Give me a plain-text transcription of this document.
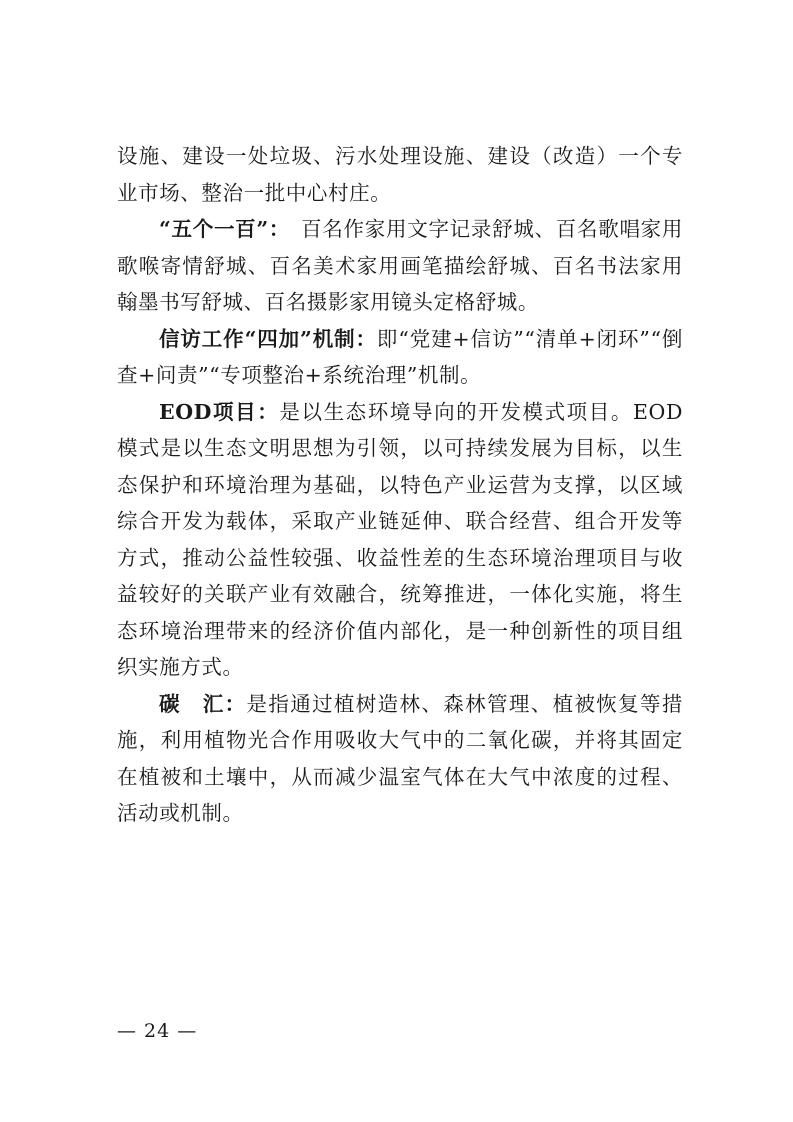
设施、建设一处垃圾、污水处理设施、建设（改造）一个专业市场、整治一批中心村庄。

“五个一百”：　百名作家用文字记录舒城、百名歌唱家用歌喉寄情舒城、百名美术家用画笔描绘舒城、百名书法家用翰墨书写舒城、百名摄影家用镜头定格舒城。

信访工作“四加”机制：即“党建+信访”“清单+闭环”“倒查+问责”“专项整治+系统治理”机制。

EOD项目：是以生态环境导向的开发模式项目。EOD模式是以生态文明思想为引领，以可持续发展为目标，以生态保护和环境治理为基础，以特色产业运营为支撑，以区域综合开发为载体，采取产业链延伸、联合经营、组合开发等方式，推动公益性较强、收益性差的生态环境治理项目与收益较好的关联产业有效融合，统筹推进，一体化实施，将生态环境治理带来的经济价值内部化，是一种创新性的项目组织实施方式。

碳　汇：是指通过植树造林、森林管理、植被恢复等措施，利用植物光合作用吸收大气中的二氧化碳，并将其固定在植被和土壤中，从而减少温室气体在大气中浓度的过程、活动或机制。

— 24 —
